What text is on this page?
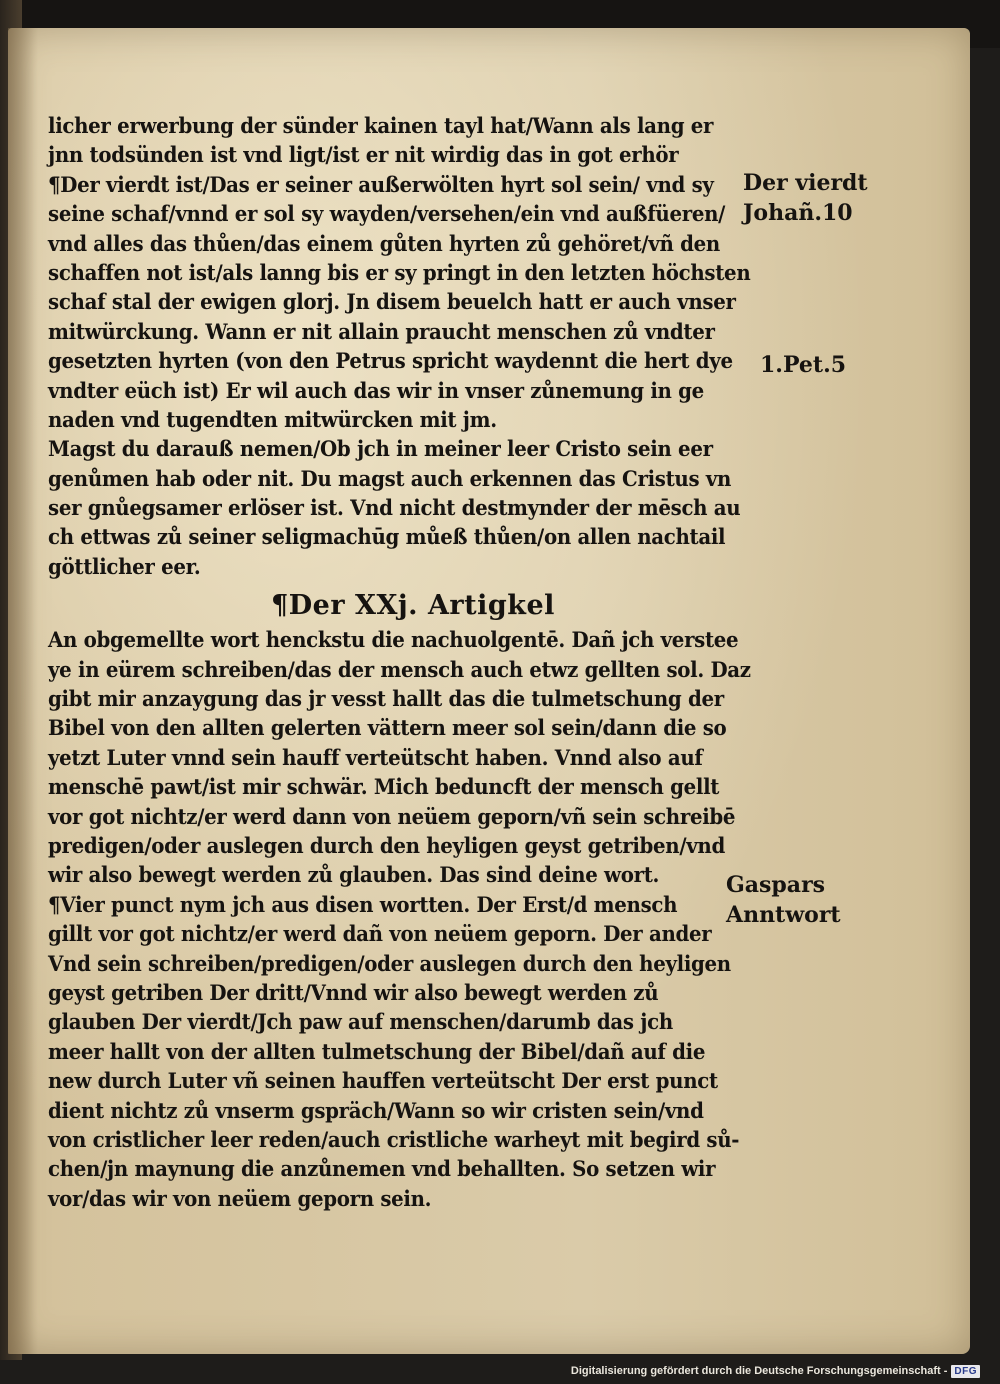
licher erwerbung der sünder kainen tayl hat/Wann als lang er
jnn todsünden ist vnd ligt/ist er nit wirdig das in got erhör
¶Der vierdt ist/Das er seiner außerwölten hyrt sol sein/ vnd sy
seine schaf/vnnd er sol sy wayden/versehen/ein vnd außfüeren/
vnd alles das thůen/das einem gůten hyrten zů gehöret/vñ den
schaffen not ist/als lanng bis er sy pringt in den letzten höchsten
schaf stal der ewigen glorj. Jn disem beuelch hatt er auch vnser
mitwürckung. Wann er nit allain praucht menschen zů vndter
gesetzten hyrten (von den Petrus spricht waydennt die hert dye
vndter eüch ist) Er wil auch das wir in vnser zůnemung in ge
naden vnd tugendten mitwürcken mit jm.
Magst du darauß nemen/Ob jch in meiner leer Cristo sein eer
genůmen hab oder nit. Du magst auch erkennen das Cristus vn
ser gnůegsamer erlöser ist. Vnd nicht destmynder der mēsch au
ch ettwas zů seiner seligmachūg můeß thůen/on allen nachtail
göttlicher eer.
¶Der XXj. Artigkel
An obgemellte wort henckstu die nachuolgentē. Dañ jch verstee
ye in eürem schreiben/das der mensch auch etwz gellten sol. Daz
gibt mir anzaygung das jr vesst hallt das die tulmetschung der
Bibel von den allten gelerten vättern meer sol sein/dann die so
yetzt Luter vnnd sein hauff verteütscht haben. Vnnd also auf
menschē pawt/ist mir schwär. Mich beduncft der mensch gellt
vor got nichtz/er werd dann von neüem geporn/vñ sein schreibē
predigen/oder auslegen durch den heyligen geyst getriben/vnd
wir also bewegt werden zů glauben. Das sind deine wort.
¶Vier punct nym jch aus disen wortten. Der Erst/d mensch
gillt vor got nichtz/er werd dañ von neüem geporn. Der ander
Vnd sein schreiben/predigen/oder auslegen durch den heyligen
geyst getriben Der dritt/Vnnd wir also bewegt werden zů
glauben Der vierdt/Jch paw auf menschen/darumb das jch
meer hallt von der allten tulmetschung der Bibel/dañ auf die
new durch Luter vñ seinen hauffen verteütscht Der erst punct
dient nichtz zů vnserm gspräch/Wann so wir cristen sein/vnd
von cristlicher leer reden/auch cristliche warheyt mit begird sů-
chen/jn maynung die anzůnemen vnd behallten. So setzen wir
vor/das wir von neüem geporn sein.
Der vierdt
Johañ.10
1.Pet.5
Gaspars
Anntwort
Digitalisierung gefördert durch die Deutsche Forschungsgemeinschaft - DFG
